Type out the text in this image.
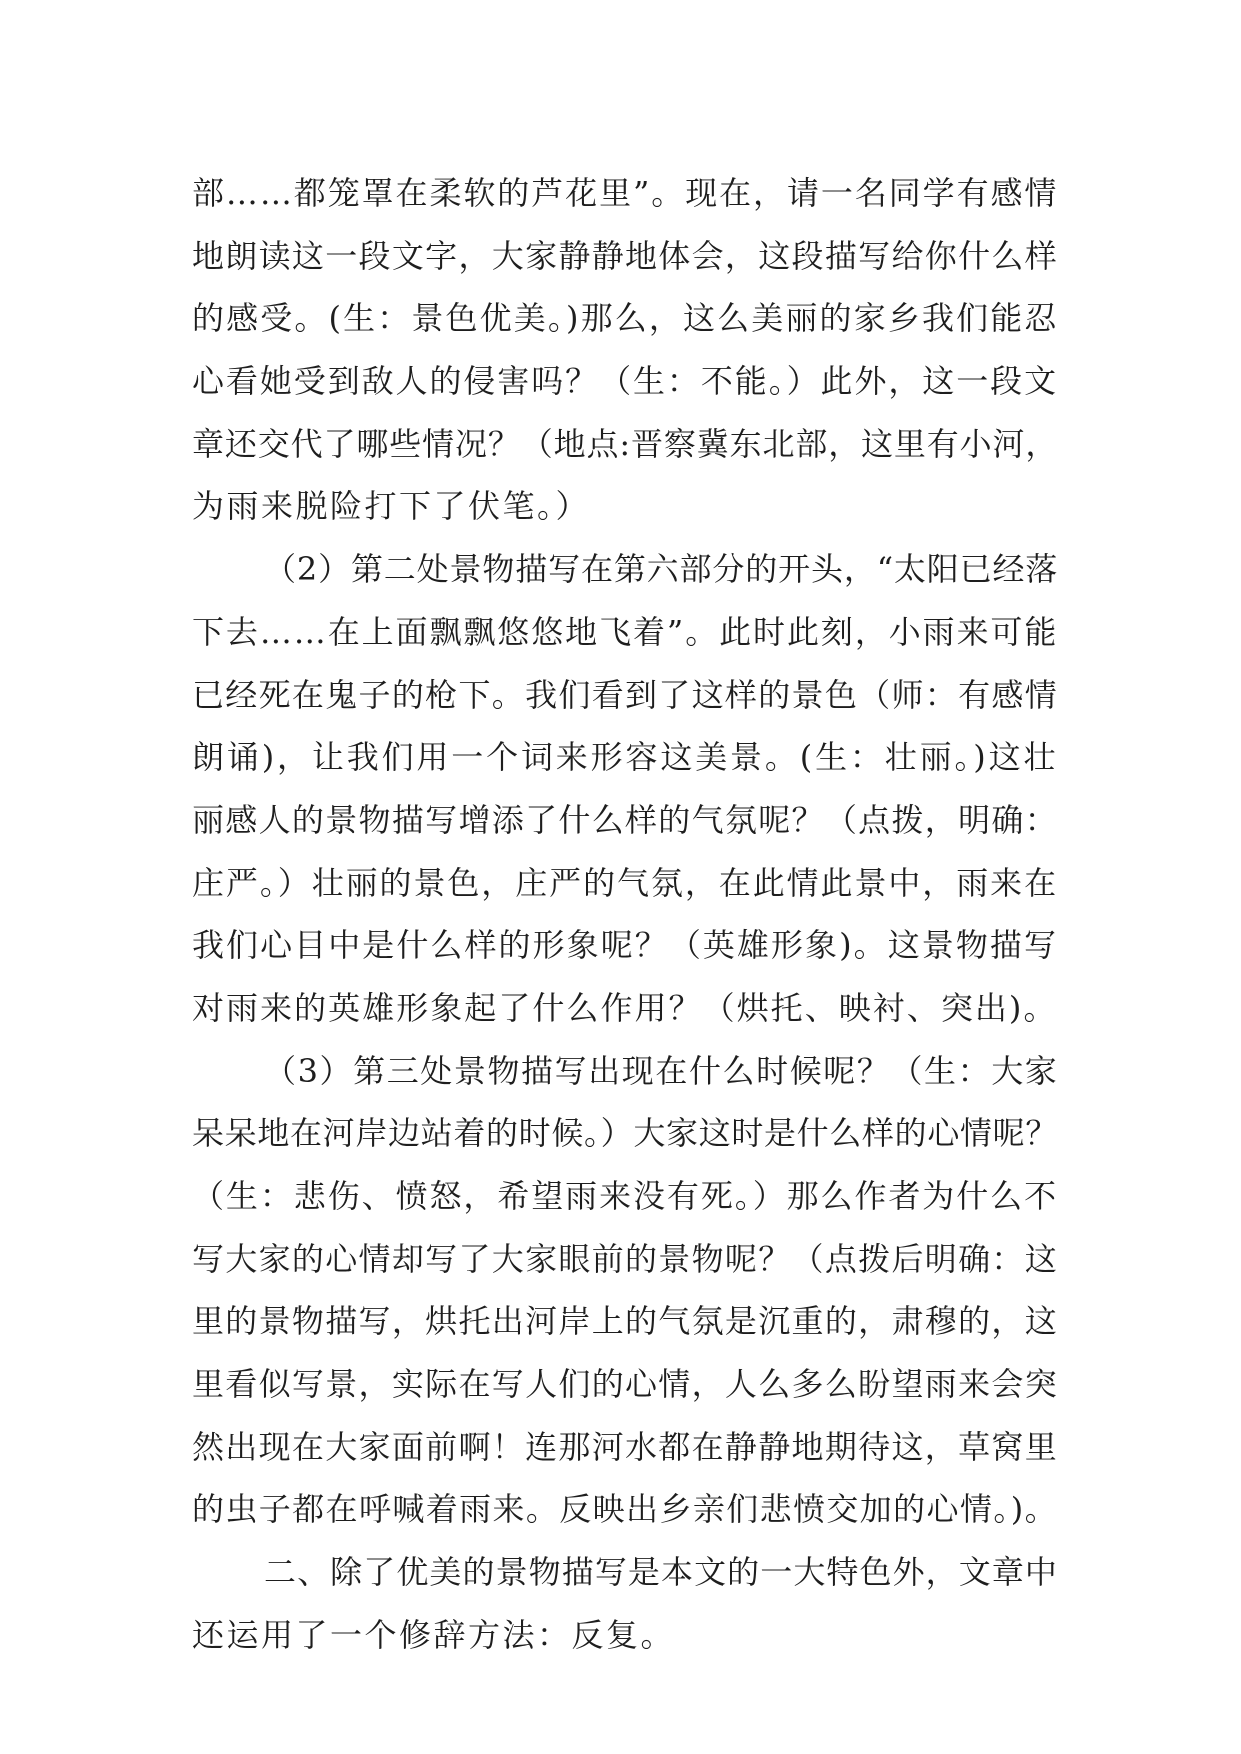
部……都笼罩在柔软的芦花里”。现在，请一名同学有感情
地朗读这一段文字，大家静静地体会，这段描写给你什么样
的感受。(生：景色优美。)那么，这么美丽的家乡我们能忍
心看她受到敌人的侵害吗？（生：不能。）此外，这一段文
章还交代了哪些情况？（地点:晋察冀东北部，这里有小河，
为雨来脱险打下了伏笔。）
（2）第二处景物描写在第六部分的开头，“太阳已经落
下去……在上面飘飘悠悠地飞着”。此时此刻，小雨来可能
已经死在鬼子的枪下。我们看到了这样的景色（师：有感情
朗诵)，让我们用一个词来形容这美景。(生：壮丽。)这壮
丽感人的景物描写增添了什么样的气氛呢？（点拨，明确：
庄严。）壮丽的景色，庄严的气氛，在此情此景中，雨来在
我们心目中是什么样的形象呢？（英雄形象)。这景物描写
对雨来的英雄形象起了什么作用？（烘托、映衬、突出)。
（3）第三处景物描写出现在什么时候呢？（生：大家
呆呆地在河岸边站着的时候。）大家这时是什么样的心情呢？
（生：悲伤、愤怒，希望雨来没有死。）那么作者为什么不
写大家的心情却写了大家眼前的景物呢？（点拨后明确：这
里的景物描写，烘托出河岸上的气氛是沉重的，肃穆的，这
里看似写景，实际在写人们的心情，人么多么盼望雨来会突
然出现在大家面前啊！连那河水都在静静地期待这，草窝里
的虫子都在呼喊着雨来。反映出乡亲们悲愤交加的心情。)。
二、除了优美的景物描写是本文的一大特色外，文章中
还运用了一个修辞方法：反复。
